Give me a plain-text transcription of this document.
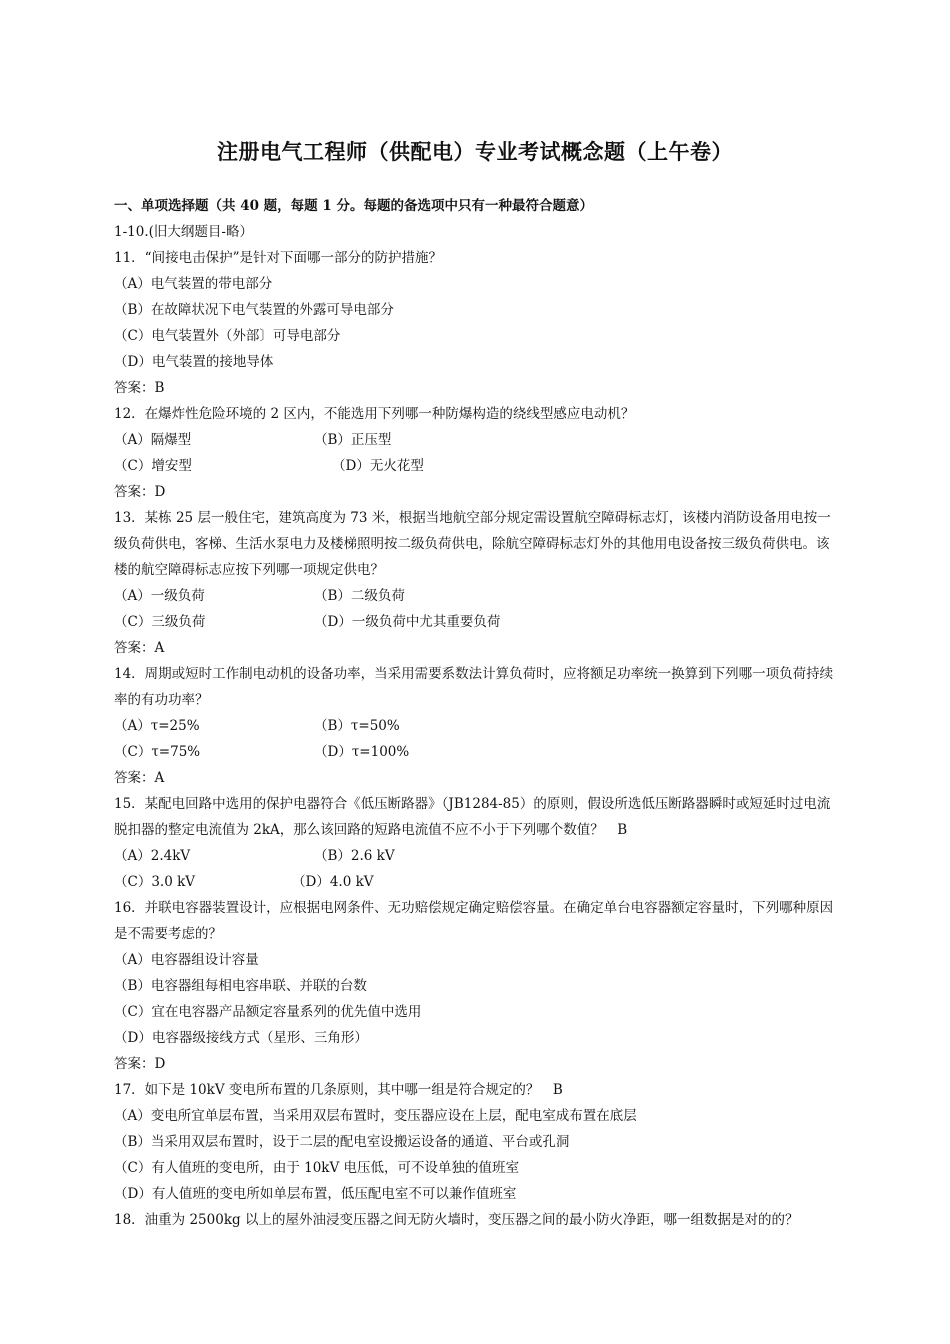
注册电气工程师（供配电）专业考试概念题（上午卷）
一、单项选择题（共 40 题，每题 1 分。每题的备选项中只有一种最符合题意）
1-10.(旧大纲题目-略）
11．“间接电击保护”是针对下面哪一部分的防护措施？
（A）电气装置的带电部分
（B）在故障状况下电气装置的外露可导电部分
（C）电气装置外（外部〕可导电部分
（D）电气装置的接地导体
答案：B
12．在爆炸性危险环境的 2 区内，不能选用下列哪一种防爆构造的绕线型感应电动机？
（A）隔爆型	（B）正压型
（C）增安型	（D）无火花型
答案：D
13．某栋 25 层一般住宅，建筑高度为 73 米，根据当地航空部分规定需设置航空障碍标志灯，该楼内消防设备用电按一级负荷供电，客梯、生活水泵电力及楼梯照明按二级负荷供电，除航空障碍标志灯外的其他用电设备按三级负荷供电。该楼的航空障碍标志应按下列哪一项规定供电？
（A）一级负荷	（B）二级负荷
（C）三级负荷	（D）一级负荷中尤其重要负荷
答案：A
14．周期或短时工作制电动机的设备功率，当采用需要系数法计算负荷时，应将额足功率统一换算到下列哪一项负荷持续率的有功功率？
（A）τ=25%	（B）τ=50%
（C）τ=75%	（D）τ=100%
答案：A
15．某配电回路中选用的保护电器符合《低压断路器》（JB1284-85）的原则，假设所选低压断路器瞬时或短延时过电流脱扣器的整定电流值为 2kA，那么该回路的短路电流值不应不小于下列哪个数值？　B
（A）2.4kV	（B）2.6 kV
（C）3.0 kV	（D）4.0 kV
16．并联电容器装置设计，应根据电网条件、无功赔偿规定确定赔偿容量。在确定单台电容器额定容量时，下列哪种原因是不需要考虑的？
（A）电容器组设计容量
（B）电容器组每相电容串联、并联的台数
（C）宜在电容器产品额定容量系列的优先值中选用
（D）电容器级接线方式（星形、三角形）
答案：D
17．如下是 10kV 变电所布置的几条原则，其中哪一组是符合规定的？　B
（A）变电所宜单层布置，当采用双层布置时，变压器应设在上层，配电室成布置在底层
（B）当采用双层布置时，设于二层的配电室设搬运设备的通道、平台或孔洞
（C）有人值班的变电所，由于 10kV 电压低，可不设单独的值班室
（D）有人值班的变电所如单层布置，低压配电室不可以兼作值班室
18．油重为 2500kg 以上的屋外油浸变压器之间无防火墙时，变压器之间的最小防火净距，哪一组数据是对的的？
